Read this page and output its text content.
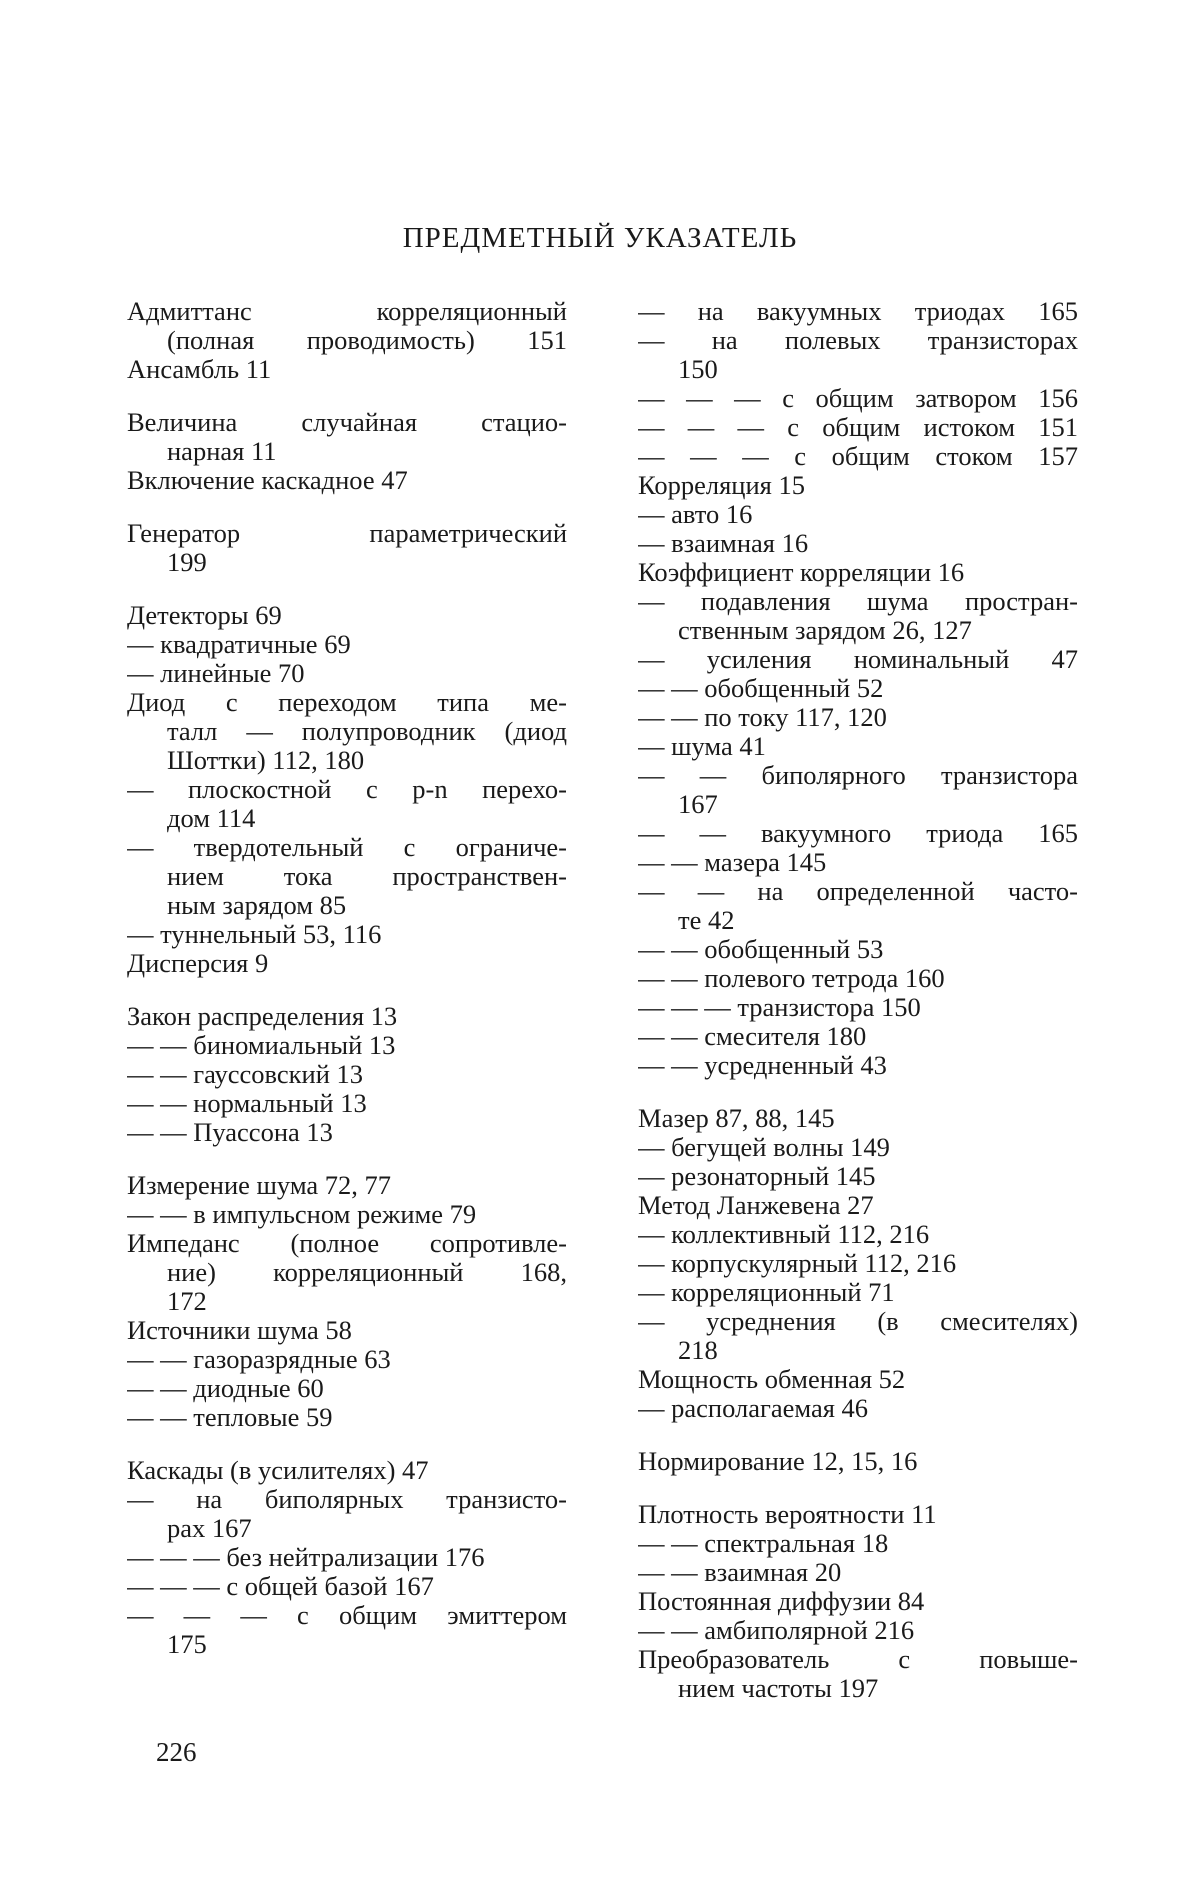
ПРЕДМЕТНЫЙ УКАЗАТЕЛЬ
Адмиттанс корреляционный
(полная проводимость) 151
Ансамбль 11
Величина случайная стацио-
нарная 11
Включение каскадное 47
Генератор параметрический
199
Детекторы 69
— квадратичные 69
— линейные 70
Диод с переходом типа ме-
талл — полупроводник (диод
Шоттки) 112, 180
— плоскостной с p-n перехо-
дом 114
— твердотельный с ограниче-
нием тока пространствен-
ным зарядом 85
— туннельный 53, 116
Дисперсия 9
Закон распределения 13
— — биномиальный 13
— — гауссовский 13
— — нормальный 13
— — Пуассона 13
Измерение шума 72, 77
— — в импульсном режиме 79
Импеданс (полное сопротивле-
ние) корреляционный 168,
172
Источники шума 58
— — газоразрядные 63
— — диодные 60
— — тепловые 59
Каскады (в усилителях) 47
— на биполярных транзисто-
рах 167
— — — без нейтрализации 176
— — — с общей базой 167
— — — с общим эмиттером
175
— на вакуумных триодах 165
— на полевых транзисторах
150
— — — с общим затвором 156
— — — с общим истоком 151
— — — с общим стоком 157
Корреляция 15
— авто 16
— взаимная 16
Коэффициент корреляции 16
— подавления шума простран-
ственным зарядом 26, 127
— усиления номинальный 47
— — обобщенный 52
— — по току 117, 120
— шума 41
— — биполярного транзистора
167
— — вакуумного триода 165
— — мазера 145
— — на определенной часто-
те 42
— — обобщенный 53
— — полевого тетрода 160
— — — транзистора 150
— — смесителя 180
— — усредненный 43
Мазер 87, 88, 145
— бегущей волны 149
— резонаторный 145
Метод Ланжевена 27
— коллективный 112, 216
— корпускулярный 112, 216
— корреляционный 71
— усреднения (в смесителях)
218
Мощность обменная 52
— располагаемая 46
Нормирование 12, 15, 16
Плотность вероятности 11
— — спектральная 18
— — взаимная 20
Постоянная диффузии 84
— — амбиполярной 216
Преобразователь с повыше-
нием частоты 197
226
